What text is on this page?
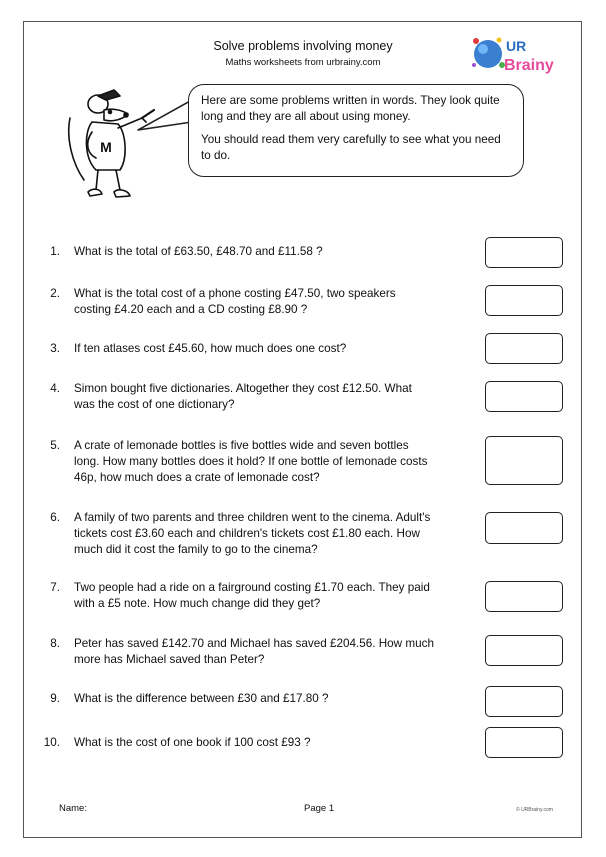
Solve problems involving money
Maths worksheets from urbrainy.com
UR
Brainy
M

Here are some problems written in words. They look quite long and they are all about using money.

You should read them very carefully to see what you need to do.

1. What is the total of £63.50, £48.70 and £11.58 ?
2. What is the total cost of a phone costing £47.50, two speakers costing £4.20 each and a CD costing £8.90 ?
3. If ten atlases cost £45.60, how much does one cost?
4. Simon bought five dictionaries. Altogether they cost £12.50. What was the cost of one dictionary?
5. A crate of lemonade bottles is five bottles wide and seven bottles long. How many bottles does it hold? If one bottle of lemonade costs 46p, how much does a crate of lemonade cost?
6. A family of two parents and three children went to the cinema. Adult's tickets cost £3.60 each and children's tickets cost £1.80 each. How much did it cost the family to go to the cinema?
7. Two people had a ride on a fairground costing £1.70 each. They paid with a £5 note. How much change did they get?
8. Peter has saved £142.70 and Michael has saved £204.56. How much more has Michael saved than Peter?
9. What is the difference between £30 and £17.80 ?
10. What is the cost of one book if 100 cost £93 ?
Name:	Page 1	© URBrainy.com
